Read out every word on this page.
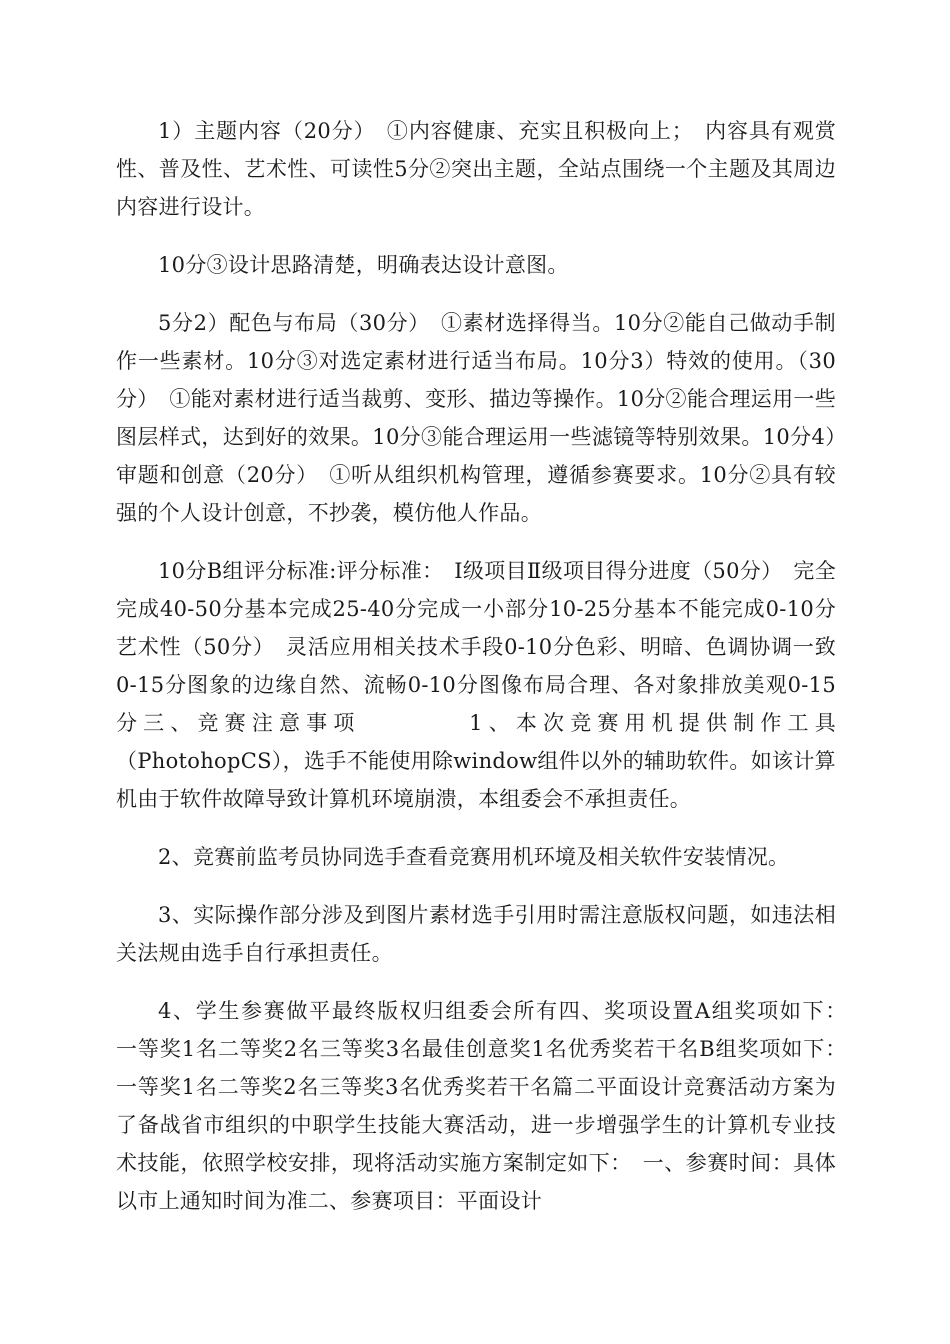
1）主题内容（20分）　①内容健康、充实且积极向上；　内容具有观赏性、普及性、艺术性、可读性5分②突出主题，全站点围绕一个主题及其周边内容进行设计。

10分③设计思路清楚，明确表达设计意图。

5分2）配色与布局（30分）　①素材选择得当。10分②能自己做动手制作一些素材。10分③对选定素材进行适当布局。10分3）特效的使用。（30分）　①能对素材进行适当裁剪、变形、描边等操作。10分②能合理运用一些图层样式，达到好的效果。10分③能合理运用一些滤镜等特别效果。10分4）审题和创意（20分）　①听从组织机构管理，遵循参赛要求。10分②具有较强的个人设计创意，不抄袭，模仿他人作品。

10分B组评分标准:评分标准：　Ⅰ级项目Ⅱ级项目得分进度（50分）　完全完成40-50分基本完成25-40分完成一小部分10-25分基本不能完成0-10分艺术性（50分）　灵活应用相关技术手段0-10分色彩、明暗、色调协调一致0-15分图象的边缘自然、流畅0-10分图像布局合理、各对象排放美观0-15分三、竞赛注意事项　　　　1、本次竞赛用机提供制作工具（PhotohopCS），选手不能使用除window组件以外的辅助软件。如该计算机由于软件故障导致计算机环境崩溃，本组委会不承担责任。

2、竞赛前监考员协同选手查看竞赛用机环境及相关软件安装情况。

3、实际操作部分涉及到图片素材选手引用时需注意版权问题，如违法相关法规由选手自行承担责任。

4、学生参赛做平最终版权归组委会所有四、奖项设置A组奖项如下：　一等奖1名二等奖2名三等奖3名最佳创意奖1名优秀奖若干名B组奖项如下：　一等奖1名二等奖2名三等奖3名优秀奖若干名篇二平面设计竞赛活动方案为了备战省市组织的中职学生技能大赛活动，进一步增强学生的计算机专业技术技能，依照学校安排，现将活动实施方案制定如下：　一、参赛时间：具体以市上通知时间为准二、参赛项目：平面设计
